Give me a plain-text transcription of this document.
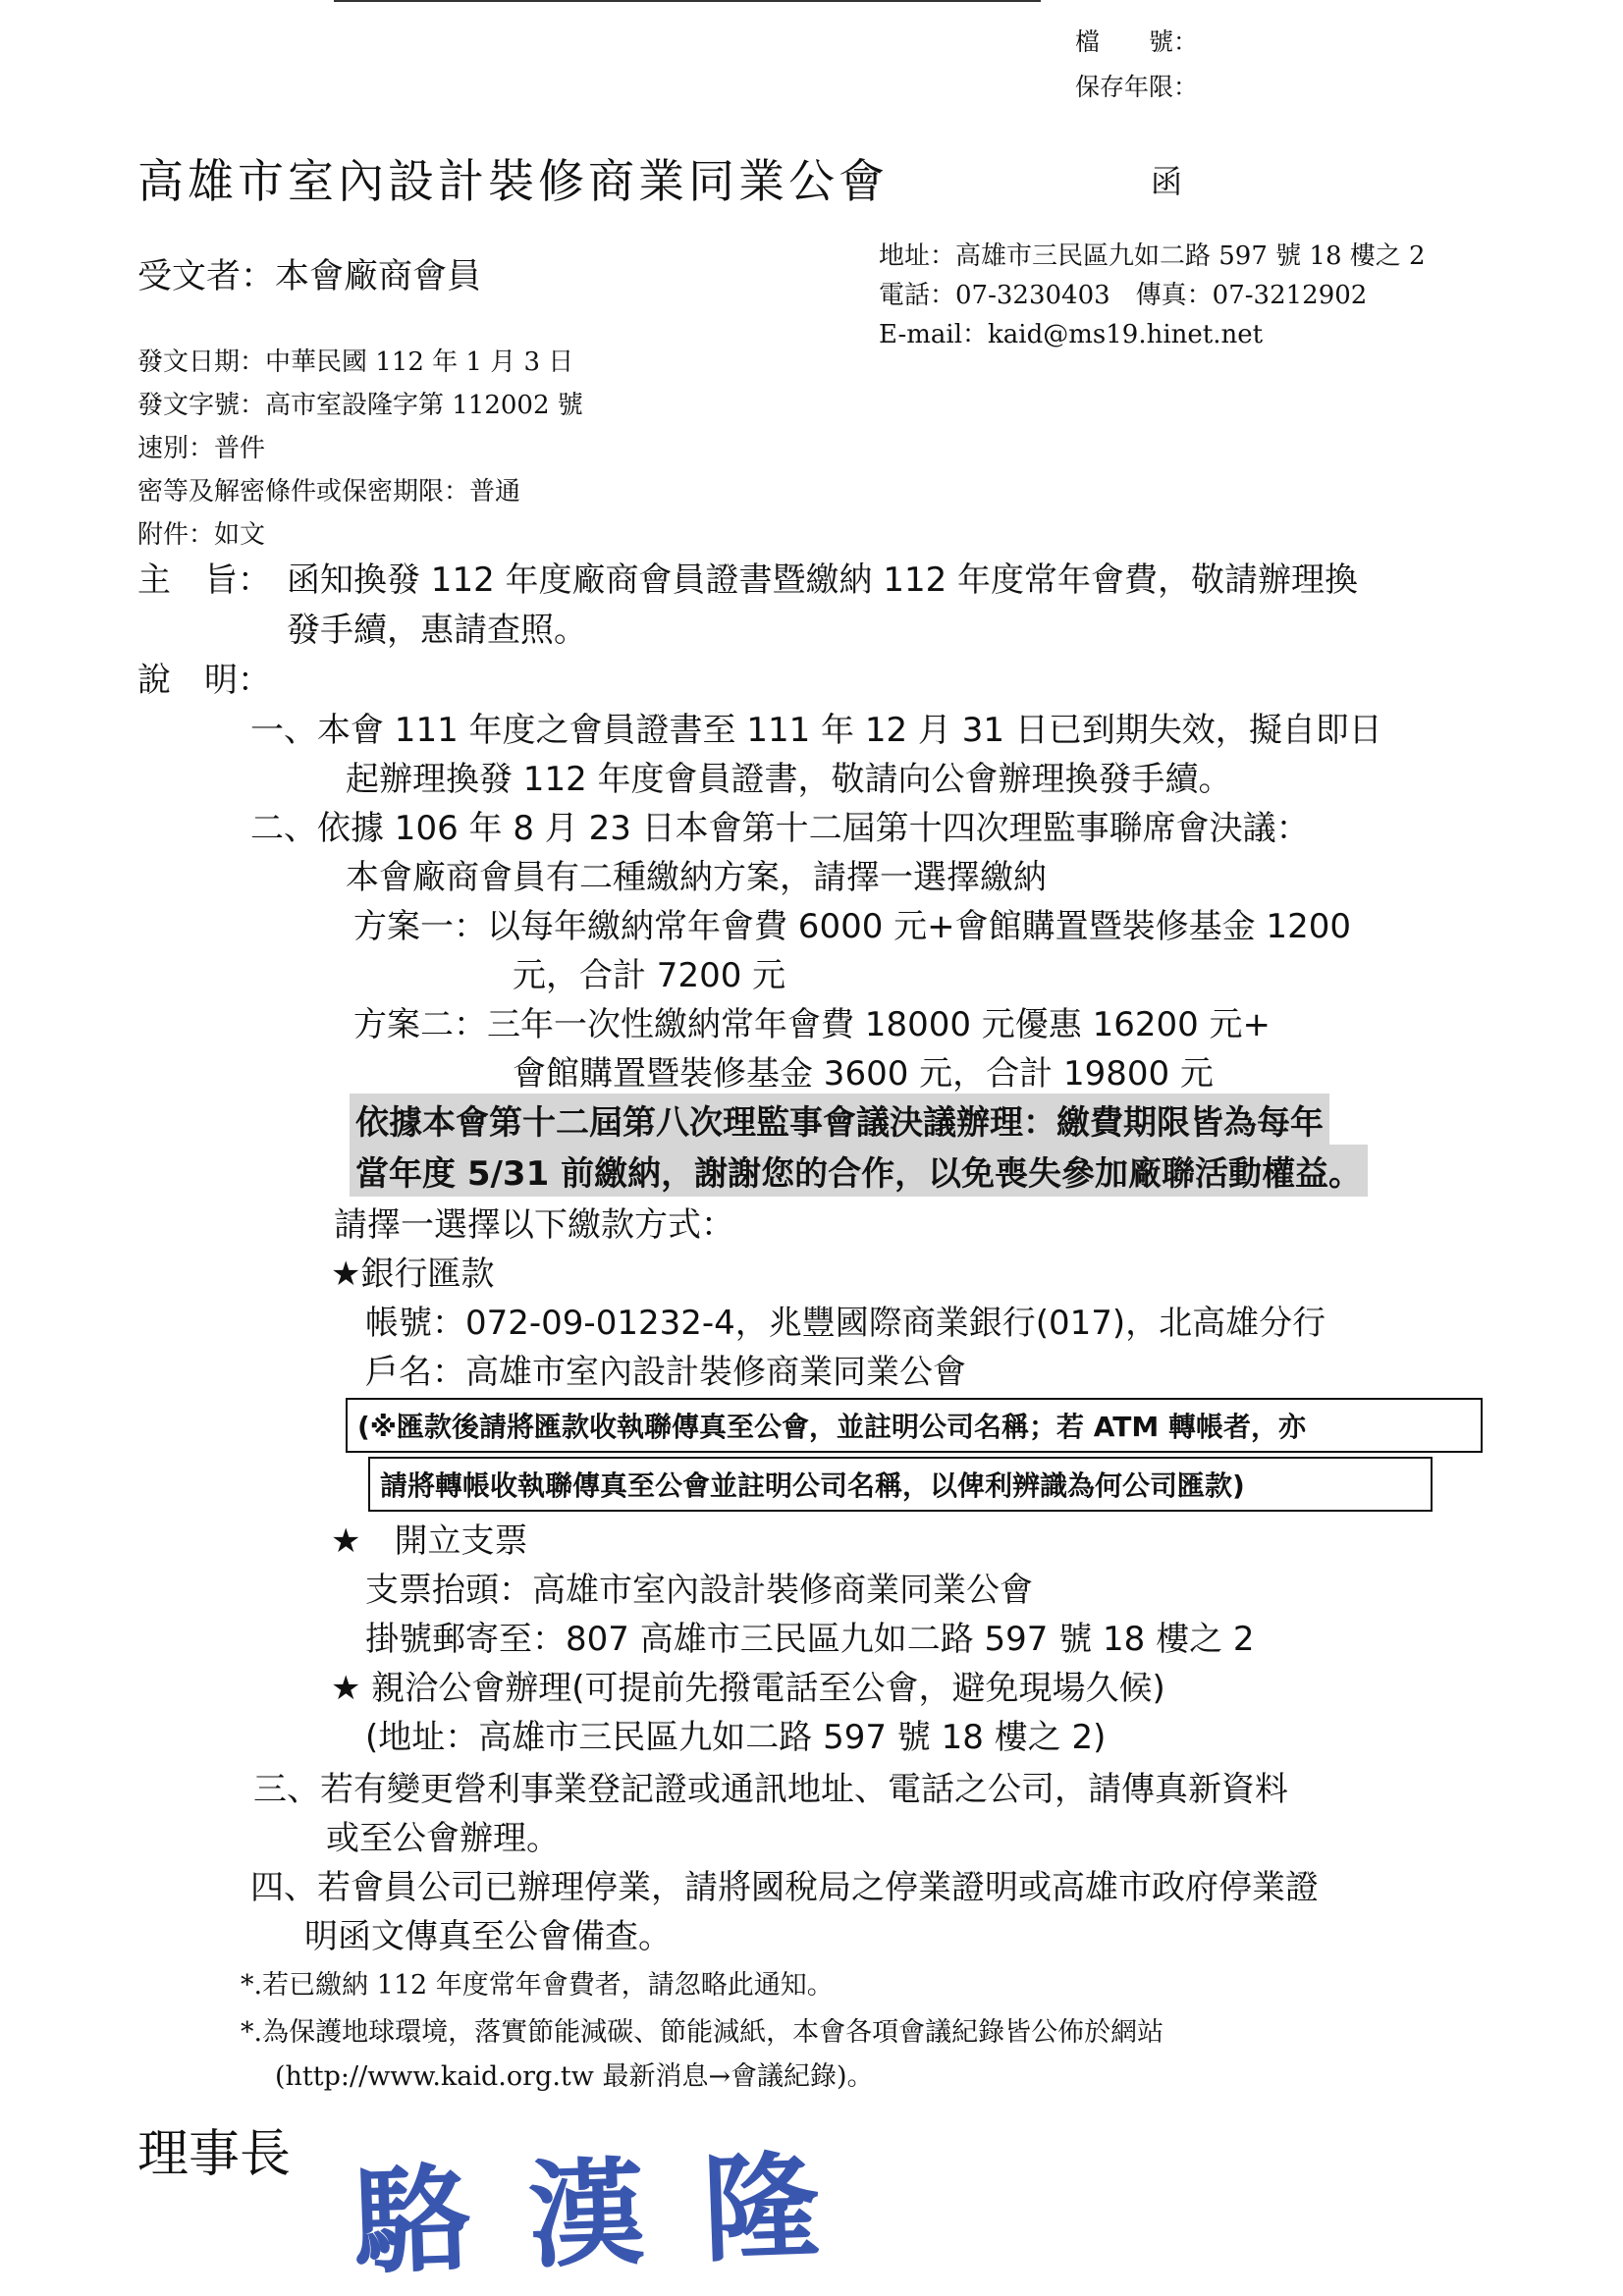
檔　　號：
保存年限：
高雄市室內設計裝修商業同業公會	函
受文者：本會廠商會員
地址：高雄市三民區九如二路 597 號 18 樓之 2
電話：07-3230403　傳真：07-3212902
E-mail：kaid@ms19.hinet.net
發文日期：中華民國 112 年 1 月 3 日
發文字號：高市室設隆字第 112002 號
速別：普件
密等及解密條件或保密期限：普通
附件：如文
主　旨： 函知換發 112 年度廠商會員證書暨繳納 112 年度常年會費，敬請辦理換
發手續，惠請查照。
說　明：
一、本會 111 年度之會員證書至 111 年 12 月 31 日已到期失效，擬自即日
起辦理換發 112 年度會員證書，敬請向公會辦理換發手續。
二、依據 106 年 8 月 23 日本會第十二屆第十四次理監事聯席會決議：
本會廠商會員有二種繳納方案，請擇一選擇繳納
方案一：以每年繳納常年會費 6000 元+會館購置暨裝修基金 1200
元，合計 7200 元
方案二：三年一次性繳納常年會費 18000 元優惠 16200 元+
會館購置暨裝修基金 3600 元，合計 19800 元
依據本會第十二屆第八次理監事會議決議辦理：繳費期限皆為每年
當年度 5/31 前繳納，謝謝您的合作，以免喪失參加廠聯活動權益。
請擇一選擇以下繳款方式：
★銀行匯款
帳號：072-09-01232-4，兆豐國際商業銀行(017)，北高雄分行
戶名：高雄市室內設計裝修商業同業公會
(※匯款後請將匯款收執聯傳真至公會，並註明公司名稱；若 ATM 轉帳者，亦
請將轉帳收執聯傳真至公會並註明公司名稱，以俾利辨識為何公司匯款)
★　開立支票
支票抬頭：高雄市室內設計裝修商業同業公會
掛號郵寄至：807 高雄市三民區九如二路 597 號 18 樓之 2
★ 親洽公會辦理(可提前先撥電話至公會，避免現場久候)
(地址：高雄市三民區九如二路 597 號 18 樓之 2)
三、若有變更營利事業登記證或通訊地址、電話之公司，請傳真新資料
或至公會辦理。
四、若會員公司已辦理停業，請將國稅局之停業證明或高雄市政府停業證
明函文傳真至公會備查。
*.若已繳納 112 年度常年會費者，請忽略此通知。
*.為保護地球環境，落實節能減碳、節能減紙，本會各項會議紀錄皆公佈於網站
(http://www.kaid.org.tw 最新消息→會議紀錄)。
理事長 駱漢隆
